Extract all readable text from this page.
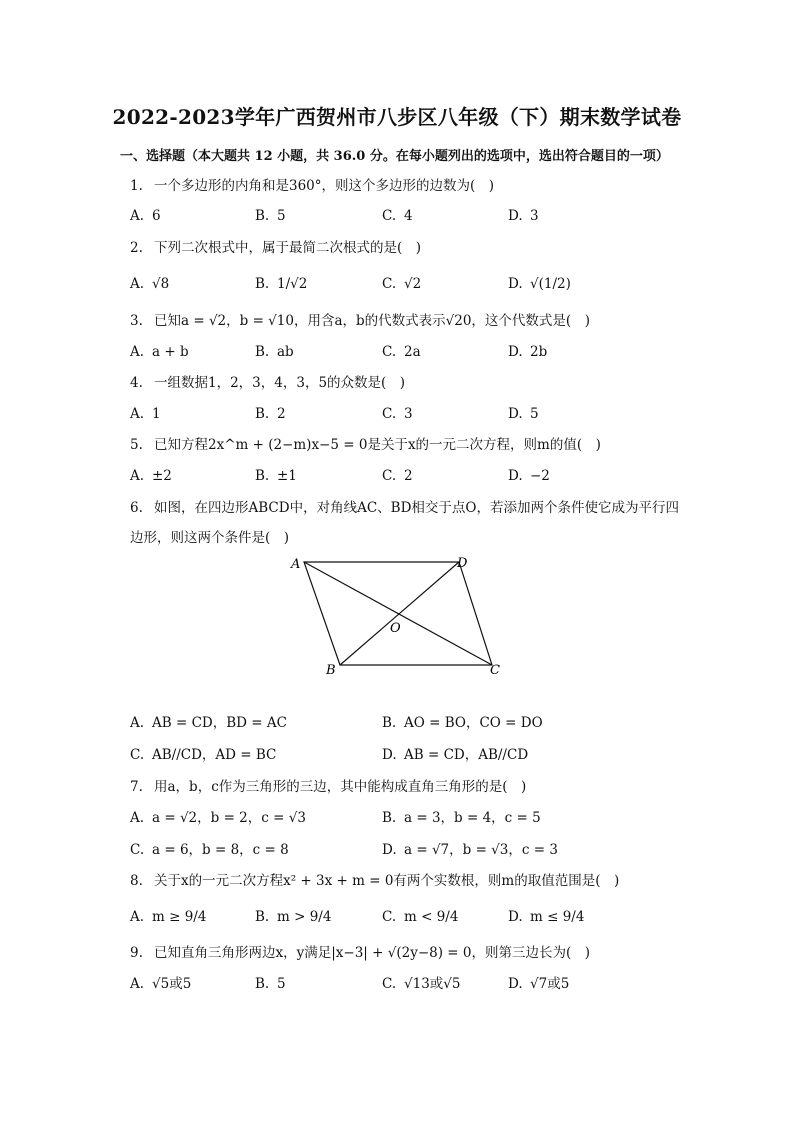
2022-2023学年广西贺州市八步区八年级（下）期末数学试卷
一、选择题（本大题共 12 小题，共 36.0 分。在每小题列出的选项中，选出符合题目的一项）
1. 一个多边形的内角和是360°，则这个多边形的边数为(　)
A. 6	B. 5	C. 4	D. 3
2. 下列二次根式中，属于最简二次根式的是(　)
A. √8	B. 1/√2	C. √2	D. √(1/2)
3. 已知a = √2，b = √10，用含a，b的代数式表示√20，这个代数式是(　)
A. a + b	B. ab	C. 2a	D. 2b
4. 一组数据1，2，3，4，3，5的众数是(　)
A. 1	B. 2	C. 3	D. 5
5. 已知方程2x^m + (2−m)x−5 = 0是关于x的一元二次方程，则m的值(　)
A. ±2	B. ±1	C. 2	D. −2
6. 如图，在四边形ABCD中，对角线AC、BD相交于点O，若添加两个条件使它成为平行四边形，则这两个条件是(　)
A	D
O
B	C
A. AB = CD，BD = AC	B. AO = BO，CO = DO
C. AB//CD，AD = BC	D. AB = CD，AB//CD
7. 用a，b，c作为三角形的三边，其中能构成直角三角形的是(　)
A. a = √2，b = 2，c = √3	B. a = 3，b = 4，c = 5
C. a = 6，b = 8，c = 8	D. a = √7，b = √3，c = 3
8. 关于x的一元二次方程x² + 3x + m = 0有两个实数根，则m的取值范围是(　)
A. m ≥ 9/4	B. m > 9/4	C. m < 9/4	D. m ≤ 9/4
9. 已知直角三角形两边x，y满足|x−3| + √(2y−8) = 0，则第三边长为(　)
A. √5或5	B. 5	C. √13或√5	D. √7或5
